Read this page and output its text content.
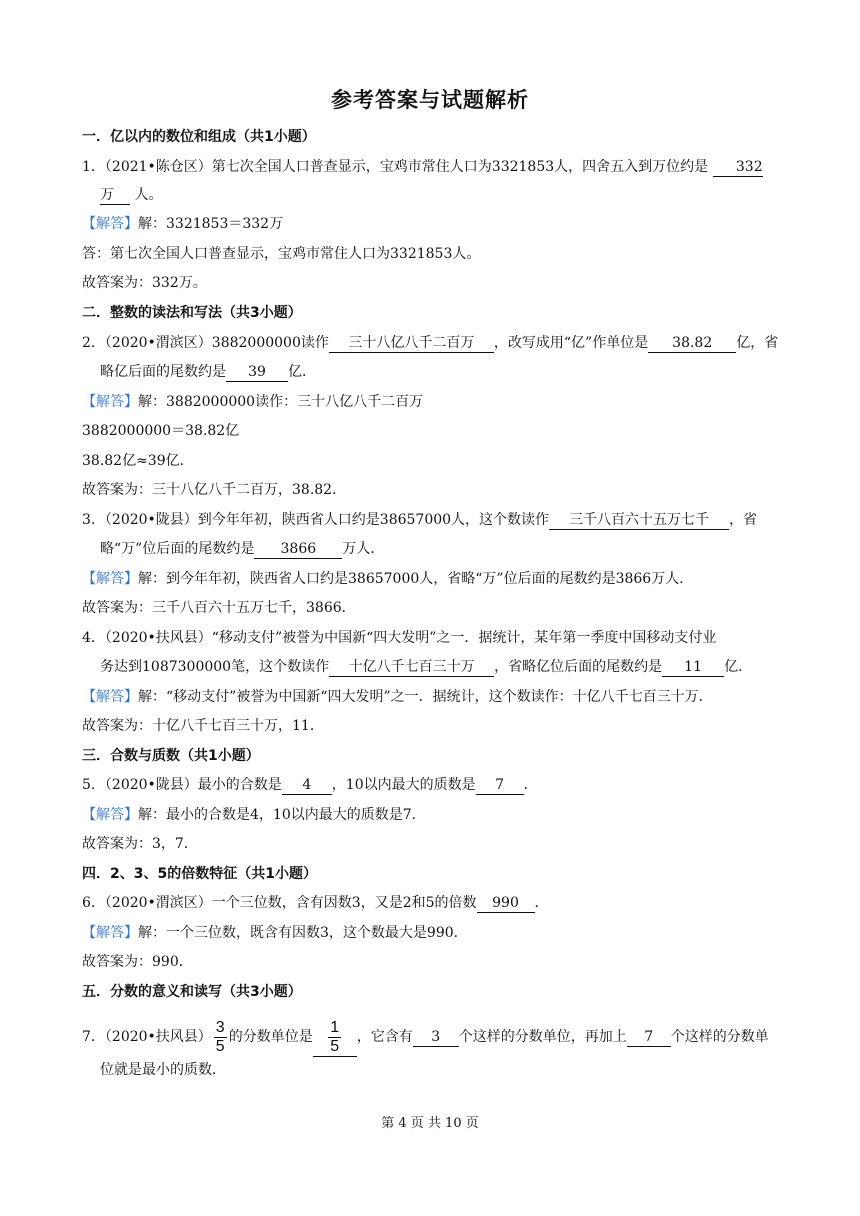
参考答案与试题解析
一．亿以内的数位和组成（共1小题）
1．（2021•陈仓区）第七次全国人口普查显示，宝鸡市常住人口为3321853人，四舍五入到万位约是 332
万 人。
【解答】解：3321853＝332万
答：第七次全国人口普查显示，宝鸡市常住人口为3321853人。
故答案为：332万。
二．整数的读法和写法（共3小题）
2．（2020•渭滨区）3882000000读作 三十八亿八千二百万 ，改写成用“亿”作单位是 38.82 亿，省
略亿后面的尾数约是 39 亿．
【解答】解：3882000000读作：三十八亿八千二百万
3882000000＝38.82亿
38.82亿≈39亿．
故答案为：三十八亿八千二百万，38.82．
3．（2020•陇县）到今年年初，陕西省人口约是38657000人，这个数读作 三千八百六十五万七千 ，省
略“万”位后面的尾数约是 3866 万人．
【解答】解：到今年年初，陕西省人口约是38657000人，省略“万”位后面的尾数约是3866万人．
故答案为：三千八百六十五万七千，3866．
4．（2020•扶风县）“移动支付”被誉为中国新“四大发明”之一．据统计，某年第一季度中国移动支付业
务达到1087300000笔，这个数读作 十亿八千七百三十万 ，省略亿位后面的尾数约是 11 亿．
【解答】解：“移动支付”被誉为中国新“四大发明”之一．据统计，这个数读作：十亿八千七百三十万．
故答案为：十亿八千七百三十万，11．
三．合数与质数（共1小题）
5．（2020•陇县）最小的合数是 4 ，10以内最大的质数是 7 ．
【解答】解：最小的合数是4，10以内最大的质数是7．
故答案为：3，7．
四．2、3、5的倍数特征（共1小题）
6．（2020•渭滨区）一个三位数，含有因数3，又是2和5的倍数 990 ．
【解答】解：一个三位数，既含有因数3，这个数最大是990．
故答案为：990．
五．分数的意义和读写（共3小题）
7．（2020•扶风县） $\frac{3}{5}$ 的分数单位是 $\frac{1}{5}$ ，它含有 3 个这样的分数单位，再加上 7 个这样的分数单
位就是最小的质数．
第 4 页 共 10 页
